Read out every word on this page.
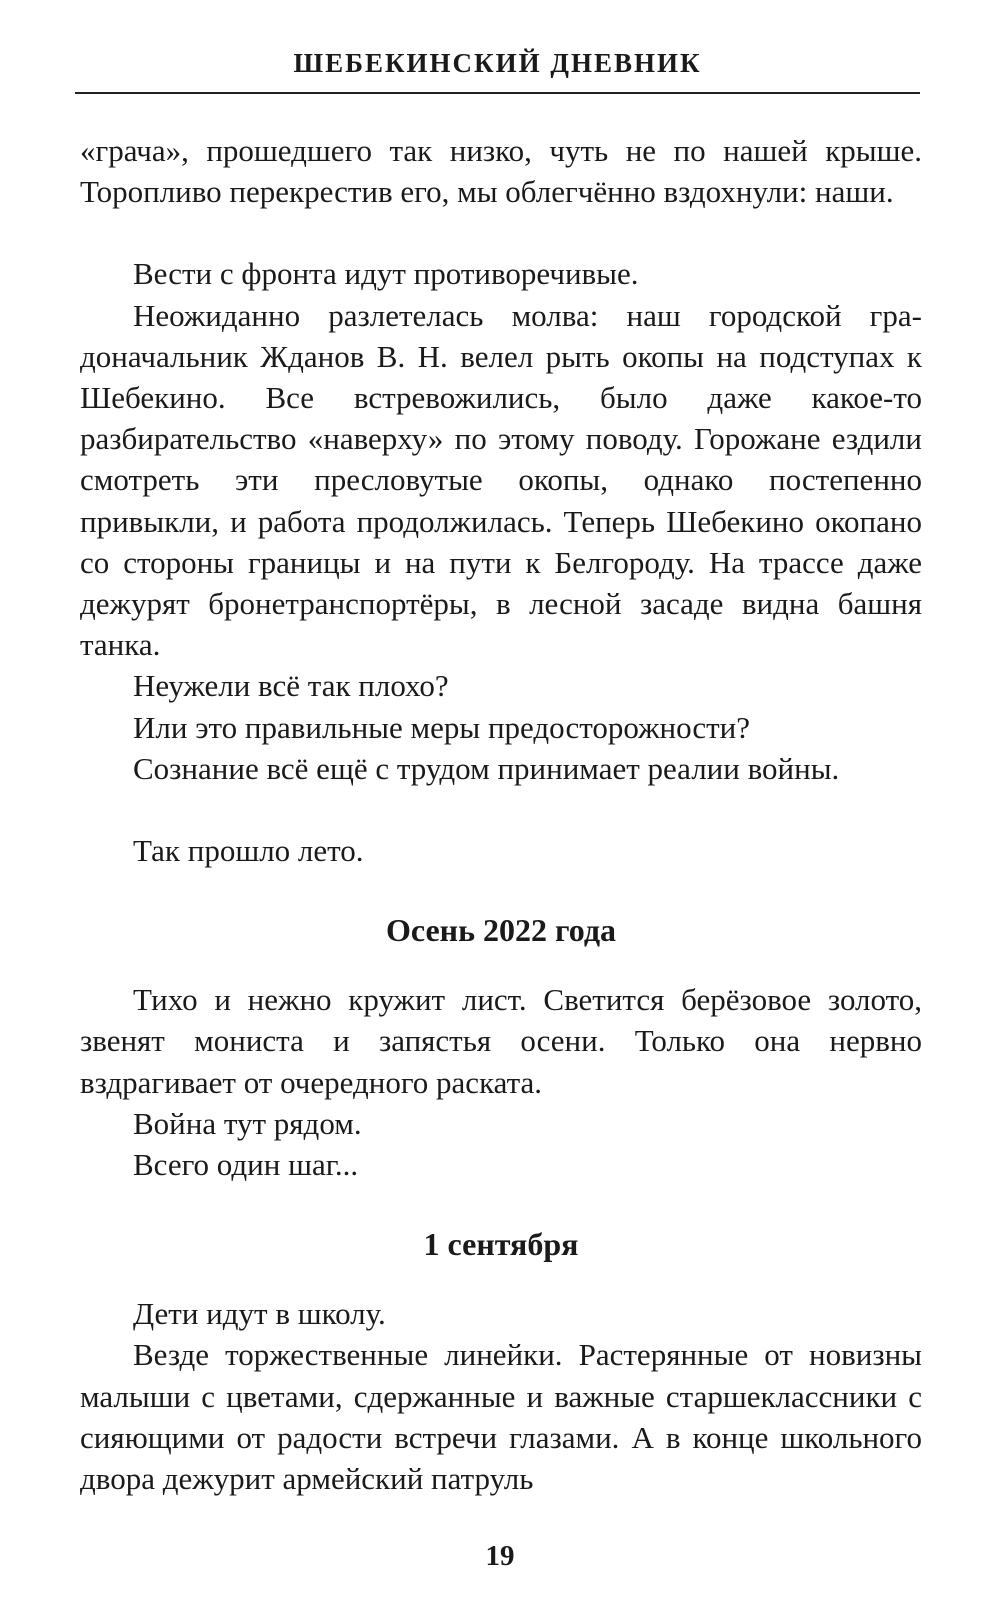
ШЕБЕКИНСКИЙ ДНЕВНИК

«грача», прошедшего так низко, чуть не по нашей крыше. Торопливо перекрестив его, мы облегчённо вздохнули: наши.

Вести с фронта идут противоречивые.

Неожиданно разлетелась молва: наш городской градоначальник Жданов В. Н. велел рыть окопы на подступах к Шебекино. Все встревожились, было даже какое-то разбирательство «наверху» по этому поводу. Горожане ездили смотреть эти пресловутые окопы, однако постепенно привыкли, и работа продолжилась. Теперь Шебекино окопано со стороны границы и на пути к Белгороду. На трассе даже дежурят бронетранспортёры, в лесной засаде видна башня танка.

Неужели всё так плохо?

Или это правильные меры предосторожности?

Сознание всё ещё с трудом принимает реалии войны.

Так прошло лето.

Осень 2022 года

Тихо и нежно кружит лист. Светится берёзовое золото, звенят мониста и запястья осени. Только она нервно вздрагивает от очередного раската.

Война тут рядом.

Всего один шаг...

1 сентября

Дети идут в школу.

Везде торжественные линейки. Растерянные от новизны малыши с цветами, сдержанные и важные старшеклассники с сияющими от радости встречи глазами. А в конце школьного двора дежурит армейский патруль

19
